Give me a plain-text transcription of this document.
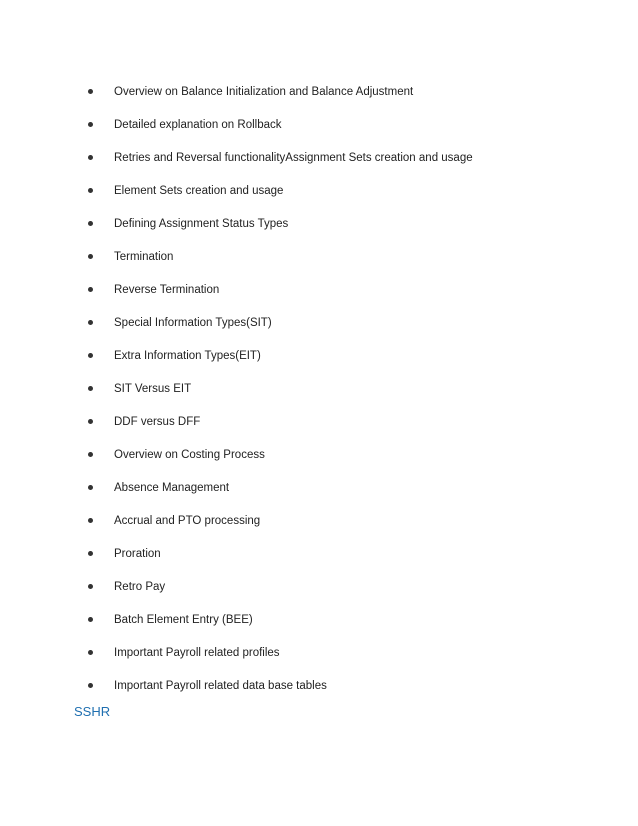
Overview on Balance Initialization and Balance Adjustment
Detailed explanation on Rollback
Retries and Reversal functionalityAssignment Sets creation and usage
Element Sets creation and usage
Defining Assignment Status Types
Termination
Reverse Termination
Special Information Types(SIT)
Extra Information Types(EIT)
SIT Versus EIT
DDF versus DFF
Overview on Costing Process
Absence Management
Accrual and PTO processing
Proration
Retro Pay
Batch Element Entry (BEE)
Important Payroll related profiles
Important Payroll related data base tables
SSHR
